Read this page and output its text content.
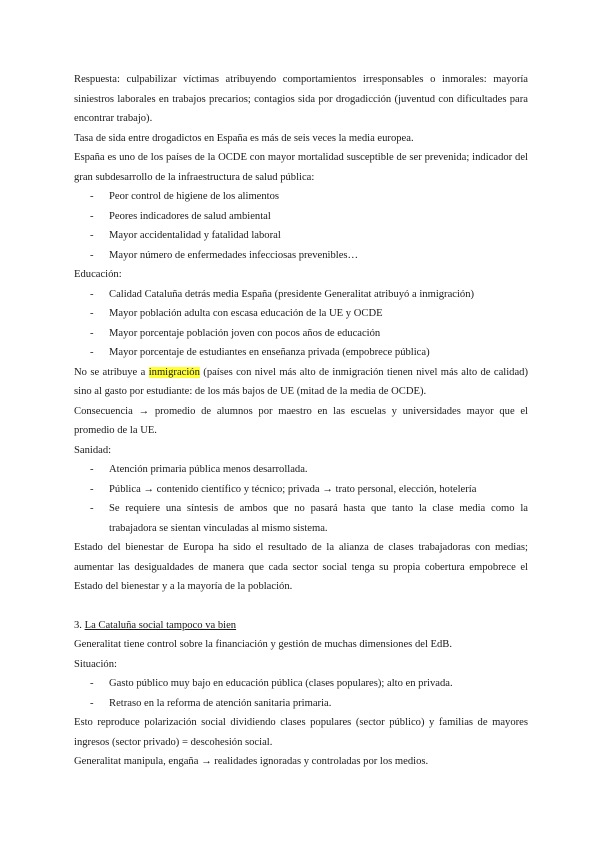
Respuesta: culpabilizar víctimas atribuyendo comportamientos irresponsables o inmorales: mayoría siniestros laborales en trabajos precarios; contagios sida por drogadicción (juventud con dificultades para encontrar trabajo).

Tasa de sida entre drogadictos en España es más de seis veces la media europea.

España es uno de los países de la OCDE con mayor mortalidad susceptible de ser prevenida; indicador del gran subdesarrollo de la infraestructura de salud pública:

- Peor control de higiene de los alimentos
- Peores indicadores de salud ambiental
- Mayor accidentalidad y fatalidad laboral
- Mayor número de enfermedades infecciosas prevenibles…

Educación:

- Calidad Cataluña detrás media España (presidente Generalitat atribuyó a inmigración)
- Mayor población adulta con escasa educación de la UE y OCDE
- Mayor porcentaje población joven con pocos años de educación
- Mayor porcentaje de estudiantes en enseñanza privada (empobrece pública)

No se atribuye a inmigración (países con nivel más alto de inmigración tienen nivel más alto de calidad) sino al gasto por estudiante: de los más bajos de UE (mitad de la media de OCDE).

Consecuencia → promedio de alumnos por maestro en las escuelas y universidades mayor que el promedio de la UE.

Sanidad:

- Atención primaria pública menos desarrollada.
- Pública → contenido científico y técnico; privada → trato personal, elección, hotelería
- Se requiere una síntesis de ambos que no pasará hasta que tanto la clase media como la trabajadora se sientan vinculadas al mismo sistema.

Estado del bienestar de Europa ha sido el resultado de la alianza de clases trabajadoras con medias; aumentar las desigualdades de manera que cada sector social tenga su propia cobertura empobrece el Estado del bienestar y a la mayoría de la población.

3. La Cataluña social tampoco va bien

Generalitat tiene control sobre la financiación y gestión de muchas dimensiones del EdB.

Situación:

- Gasto público muy bajo en educación pública (clases populares); alto en privada.
- Retraso en la reforma de atención sanitaria primaria.

Esto reproduce polarización social dividiendo clases populares (sector público) y familias de mayores ingresos (sector privado) = descohesión social.

Generalitat manipula, engaña → realidades ignoradas y controladas por los medios.
